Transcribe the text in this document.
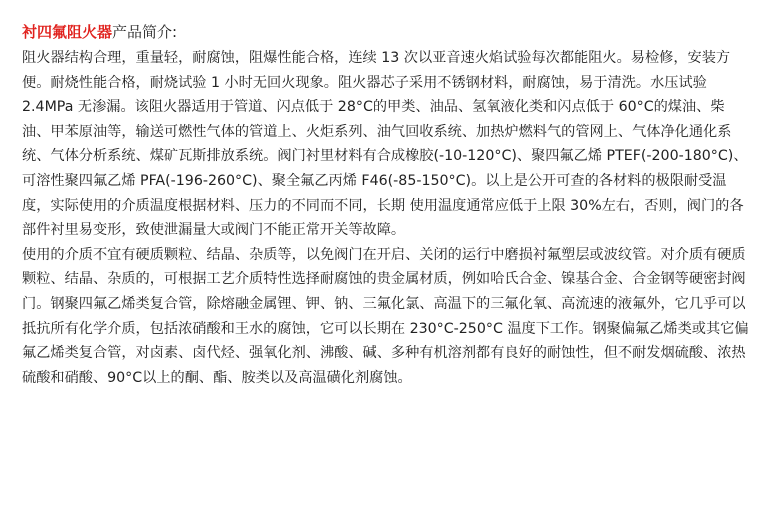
衬四氟阻火器产品简介:

阻火器结构合理，重量轻，耐腐蚀，阻爆性能合格，连续 13 次以亚音速火焰试验每次都能阻火。易检修，安装方便。耐烧性能合格，耐烧试验 1 小时无回火现象。阻火器芯子采用不锈钢材料，耐腐蚀，易于清洗。水压试验 2.4MPa 无渗漏。该阻火器适用于管道、闪点低于 28°C的甲类、油品、氢氧液化类和闪点低于 60°C的煤油、柴油、甲苯原油等，输送可燃性气体的管道上、火炬系列、油气回收系统、加热炉燃料气的管网上、气体净化通化系统、气体分析系统、煤矿瓦斯排放系统。阀门衬里材料有合成橡胶(-10-120°C)、聚四氟乙烯 PTEF(-200-180°C)、可溶性聚四氟乙烯 PFA(-196-260°C)、聚全氟乙丙烯 F46(-85-150°C)。以上是公开可查的各材料的极限耐受温度，实际使用的介质温度根据材料、压力的不同而不同，长期 使用温度通常应低于上限 30%左右，否则，阀门的各部件衬里易变形，致使泄漏量大或阀门不能正常开关等故障。

使用的介质不宜有硬质颗粒、结晶、杂质等，以免阀门在开启、关闭的运行中磨损衬氟塑层或波纹管。对介质有硬质颗粒、结晶、杂质的，可根据工艺介质特性选择耐腐蚀的贵金属材质，例如哈氏合金、镍基合金、合金钢等硬密封阀门。钢聚四氟乙烯类复合管，除熔融金属锂、钾、钠、三氟化氯、高温下的三氟化氧、高流速的液氟外，它几乎可以抵抗所有化学介质，包括浓硝酸和王水的腐蚀，它可以长期在 230°C-250°C 温度下工作。钢聚偏氟乙烯类或其它偏氟乙烯类复合管，对卤素、卤代烃、强氧化剂、沸酸、碱、多种有机溶剂都有良好的耐蚀性，但不耐发烟硫酸、浓热硫酸和硝酸、90°C以上的酮、酯、胺类以及高温磺化剂腐蚀。
